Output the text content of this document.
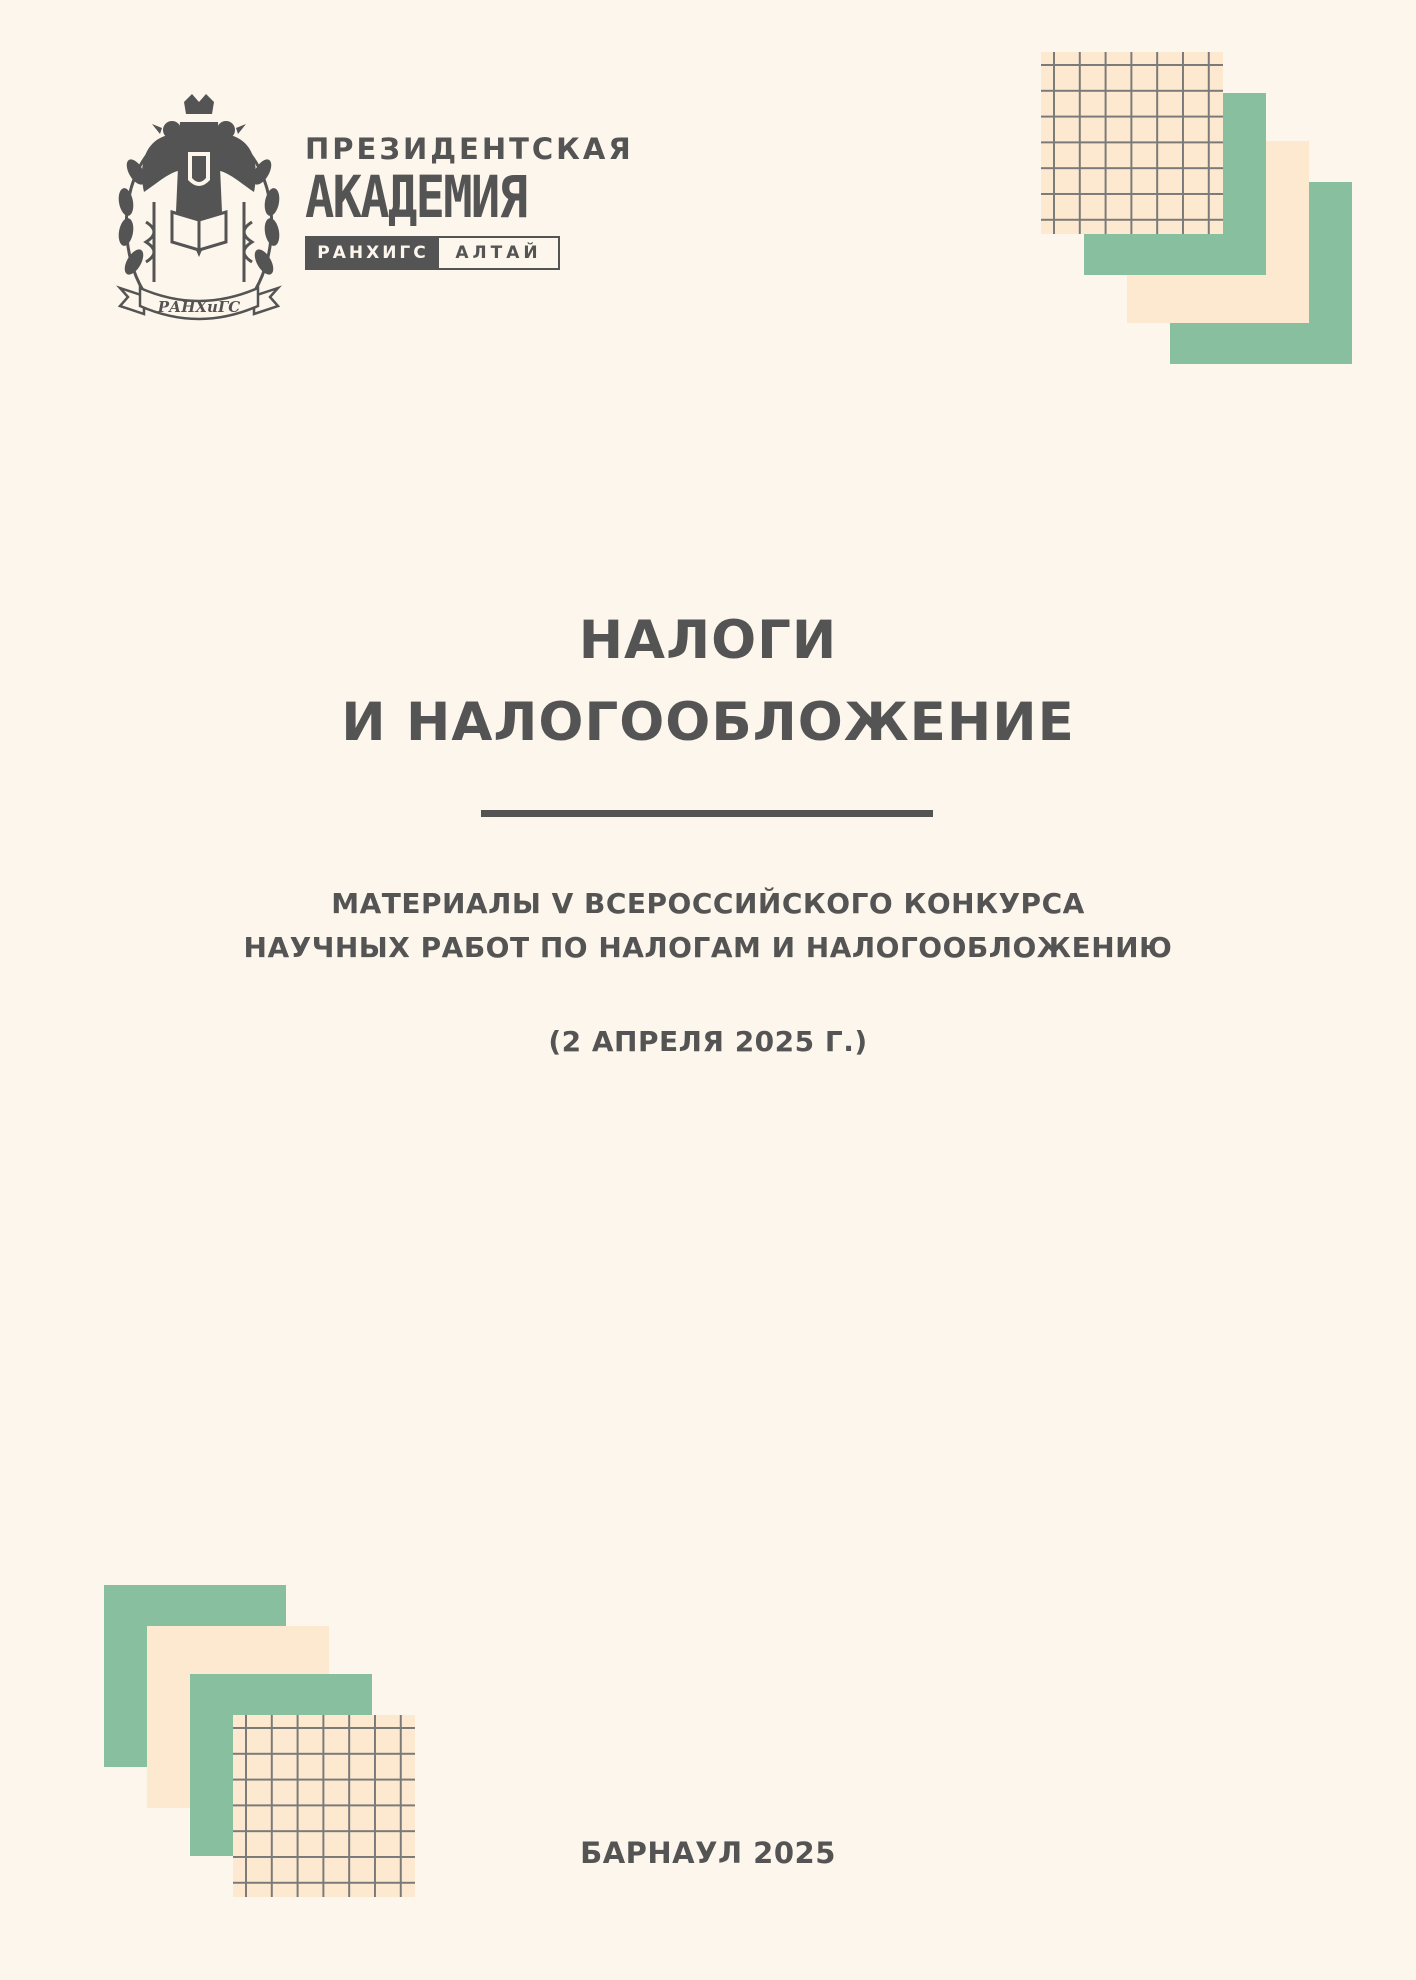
РАНХиГС
ПРЕЗИДЕНТСКАЯ
АКАДЕМИЯ
РАНХИГС	АЛТАЙ
НАЛОГИ
И НАЛОГООБЛОЖЕНИЕ
МАТЕРИАЛЫ V ВСЕРОССИЙСКОГО КОНКУРСА
НАУЧНЫХ РАБОТ ПО НАЛОГАМ И НАЛОГООБЛОЖЕНИЮ
(2 АПРЕЛЯ 2025 Г.)
БАРНАУЛ 2025
